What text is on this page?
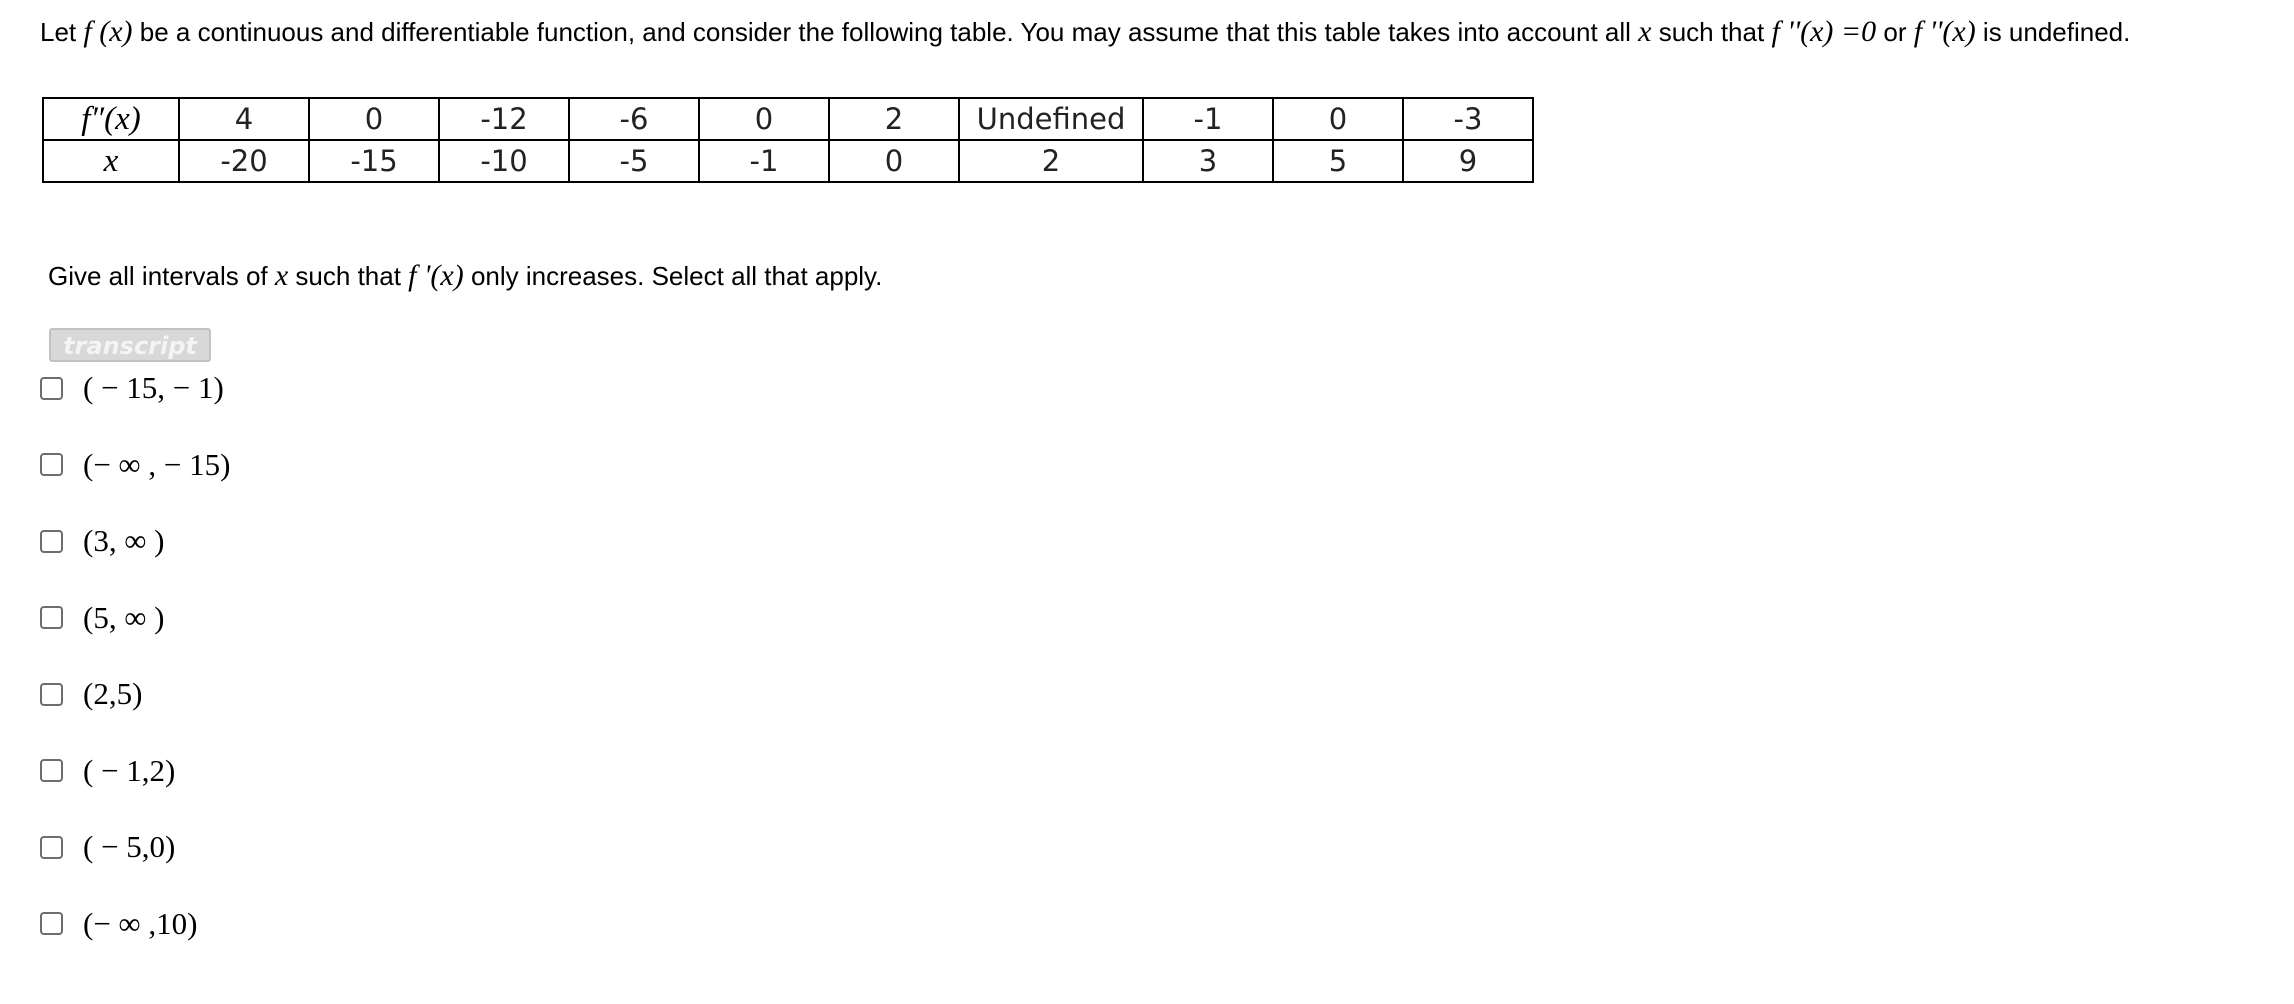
Let f (x) be a continuous and differentiable function, and consider the following table. You may assume that this table takes into account all x such that f ''(x) =0 or f ''(x) is undefined.
f″(x)	4	0	-12	-6	0	2	Undefined	-1	0	-3
x	-20	-15	-10	-5	-1	0	2	3	5	9
Give all intervals of x such that f '(x) only increases. Select all that apply.
transcript
( − 15, − 1)
(− ∞ , − 15)
(3, ∞ )
(5, ∞ )
(2,5)
( − 1,2)
( − 5,0)
(− ∞ ,10)
